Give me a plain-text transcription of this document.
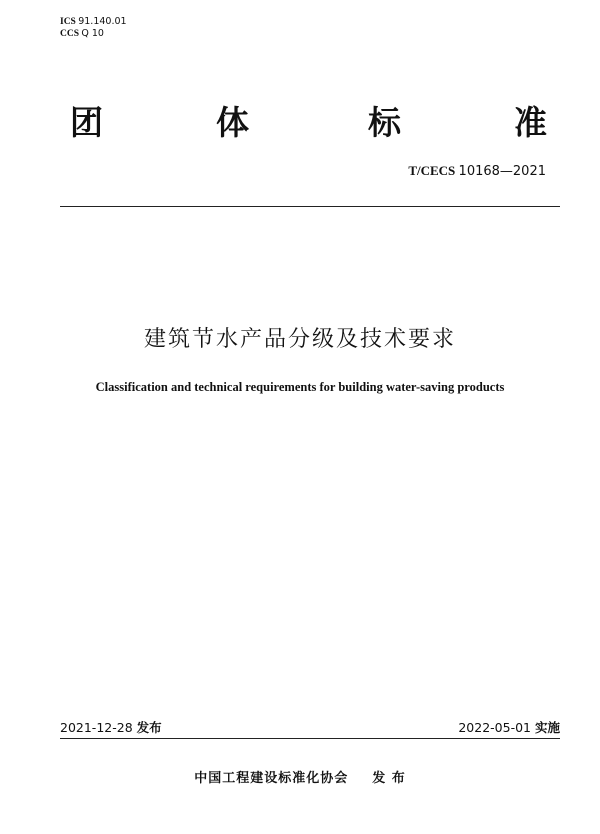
ICS 91.140.01
CCS Q 10
团	体	标	准
T/CECS 10168—2021
建筑节水产品分级及技术要求
Classification and technical requirements for building water-saving products
2021-12-28 发布	2022-05-01 实施
中国工程建设标准化协会 发 布
